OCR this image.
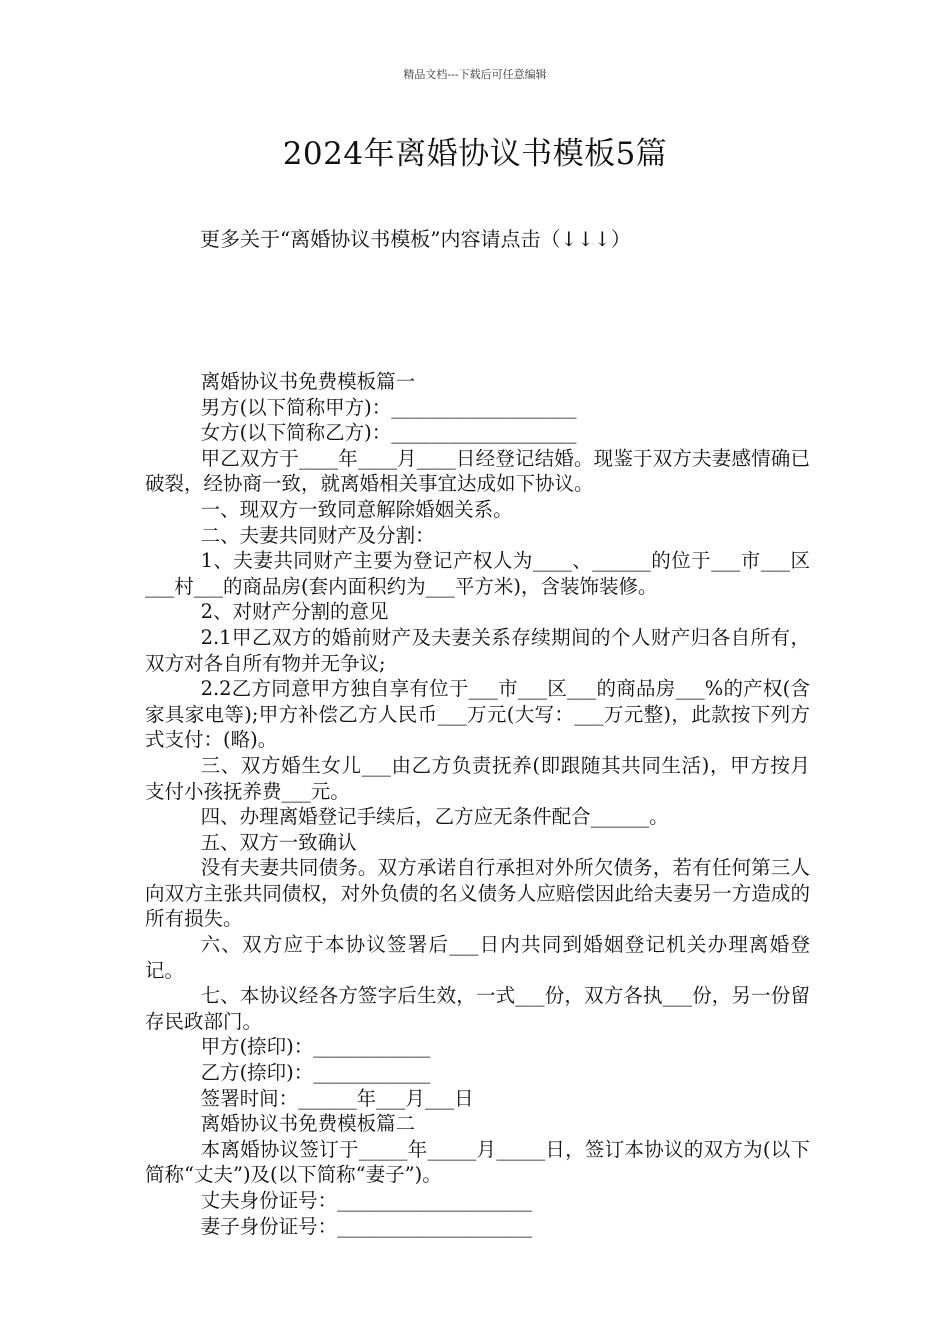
精品文档---下载后可任意编辑
2024年离婚协议书模板5篇
更多关于“离婚协议书模板”内容请点击（↓↓↓）

离婚协议书免费模板篇一

男方(以下简称甲方)：___________________

女方(以下简称乙方)：___________________

甲乙双方于____年____月____日经登记结婚。现鉴于双方夫妻感情确已破裂，经协商一致，就离婚相关事宜达成如下协议。

一、现双方一致同意解除婚姻关系。

二、夫妻共同财产及分割：

1、夫妻共同财产主要为登记产权人为____、______的位于___市___区___村___的商品房(套内面积约为___平方米)，含装饰装修。

2、对财产分割的意见

2.1甲乙双方的婚前财产及夫妻关系存续期间的个人财产归各自所有，双方对各自所有物并无争议;

2.2乙方同意甲方独自享有位于___市___区___的商品房___%的产权(含家具家电等);甲方补偿乙方人民币___万元(大写：___万元整)，此款按下列方式支付：(略)。

三、双方婚生女儿___由乙方负责抚养(即跟随其共同生活)，甲方按月支付小孩抚养费___元。

四、办理离婚登记手续后，乙方应无条件配合______。

五、双方一致确认

没有夫妻共同债务。双方承诺自行承担对外所欠债务，若有任何第三人向双方主张共同债权，对外负债的名义债务人应赔偿因此给夫妻另一方造成的所有损失。

六、双方应于本协议签署后___日内共同到婚姻登记机关办理离婚登记。

七、本协议经各方签字后生效，一式___份，双方各执___份，另一份留存民政部门。

甲方(捺印)：____________

乙方(捺印)：____________

签署时间：______年___月___日

离婚协议书免费模板篇二

本离婚协议签订于_____年_____月_____日，签订本协议的双方为(以下简称“丈夫”)及(以下简称“妻子”)。

丈夫身份证号：____________________

妻子身份证号：____________________
